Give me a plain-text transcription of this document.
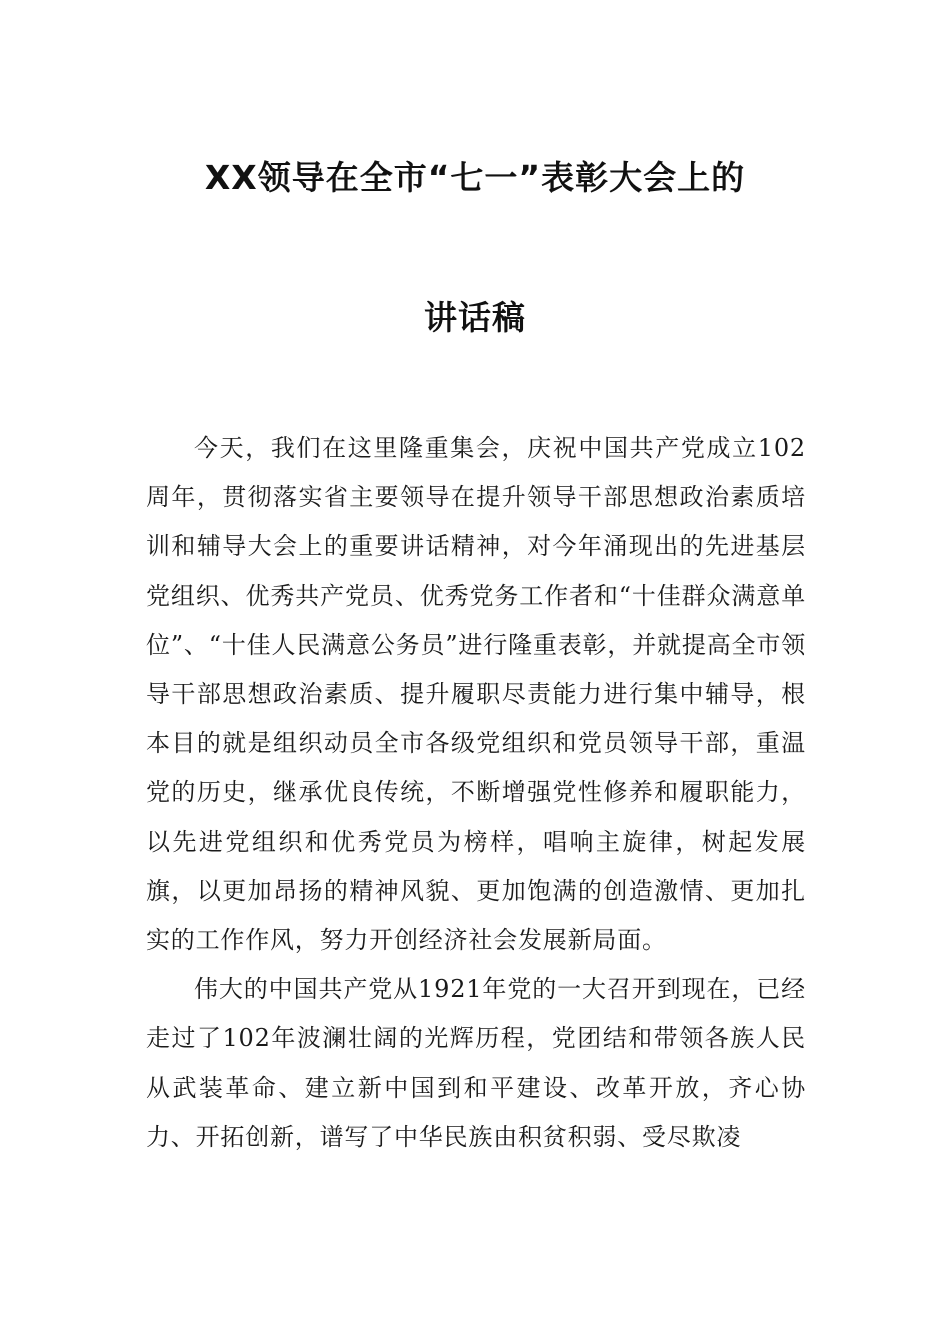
XX领导在全市“七一”表彰大会上的
讲话稿

今天，我们在这里隆重集会，庆祝中国共产党成立102周年，贯彻落实省主要领导在提升领导干部思想政治素质培训和辅导大会上的重要讲话精神，对今年涌现出的先进基层党组织、优秀共产党员、优秀党务工作者和“十佳群众满意单位”、“十佳人民满意公务员”进行隆重表彰，并就提高全市领导干部思想政治素质、提升履职尽责能力进行集中辅导，根本目的就是组织动员全市各级党组织和党员领导干部，重温党的历史，继承优良传统，不断增强党性修养和履职能力，以先进党组织和优秀党员为榜样，唱响主旋律，树起发展旗，以更加昂扬的精神风貌、更加饱满的创造激情、更加扎实的工作作风，努力开创经济社会发展新局面。

伟大的中国共产党从1921年党的一大召开到现在，已经走过了102年波澜壮阔的光辉历程，党团结和带领各族人民从武装革命、建立新中国到和平建设、改革开放，齐心协力、开拓创新，谱写了中华民族由积贫积弱、受尽欺凌
